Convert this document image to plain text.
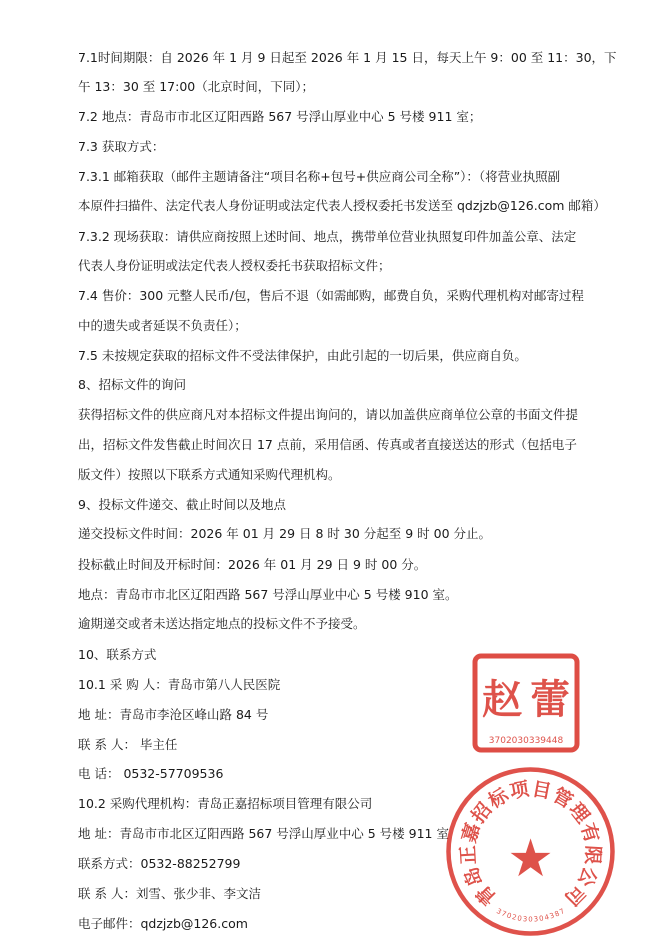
7.1时间期限：自 2026 年 1 月 9 日起至 2026 年 1 月 15 日，每天上午 9：00 至 11：30，下
午 13：30 至 17:00（北京时间，下同）；
7.2 地点：青岛市市北区辽阳西路 567 号浮山厚业中心 5 号楼 911 室；
7.3 获取方式：
7.3.1 邮箱获取（邮件主题请备注“项目名称+包号+供应商公司全称”）：（将营业执照副
本原件扫描件、法定代表人身份证明或法定代表人授权委托书发送至 qdzjzb@126.com 邮箱）
7.3.2 现场获取：请供应商按照上述时间、地点，携带单位营业执照复印件加盖公章、法定
代表人身份证明或法定代表人授权委托书获取招标文件；
7.4 售价：300 元整人民币/包，售后不退（如需邮购，邮费自负，采购代理机构对邮寄过程
中的遗失或者延误不负责任）；
7.5 未按规定获取的招标文件不受法律保护，由此引起的一切后果，供应商自负。
8、招标文件的询问
获得招标文件的供应商凡对本招标文件提出询问的，请以加盖供应商单位公章的书面文件提
出，招标文件发售截止时间次日 17 点前，采用信函、传真或者直接送达的形式（包括电子
版文件）按照以下联系方式通知采购代理机构。
9、投标文件递交、截止时间以及地点
递交投标文件时间：2026 年 01 月 29 日 8 时 30 分起至 9 时 00 分止。
投标截止时间及开标时间：2026 年 01 月 29 日 9 时 00 分。
地点：青岛市市北区辽阳西路 567 号浮山厚业中心 5 号楼 910 室。
逾期递交或者未送达指定地点的投标文件不予接受。
10、联系方式
10.1 采 购 人：青岛市第八人民医院
地 址：青岛市李沧区峰山路 84 号
联 系 人： 毕主任
电 话： 0532-57709536
10.2 采购代理机构：青岛正嘉招标项目管理有限公司
地 址：青岛市市北区辽阳西路 567 号浮山厚业中心 5 号楼 911 室
联系方式：0532-88252799
联 系 人：刘雪、张少非、李文洁
电子邮件：qdzjzb@126.com
赵 蕾
3702030339448
★
青
岛
正
嘉
招
标
项 目
管
理
有
限
公
司
3
7
0
2 0 3 0 3 0 4
3
8
7
